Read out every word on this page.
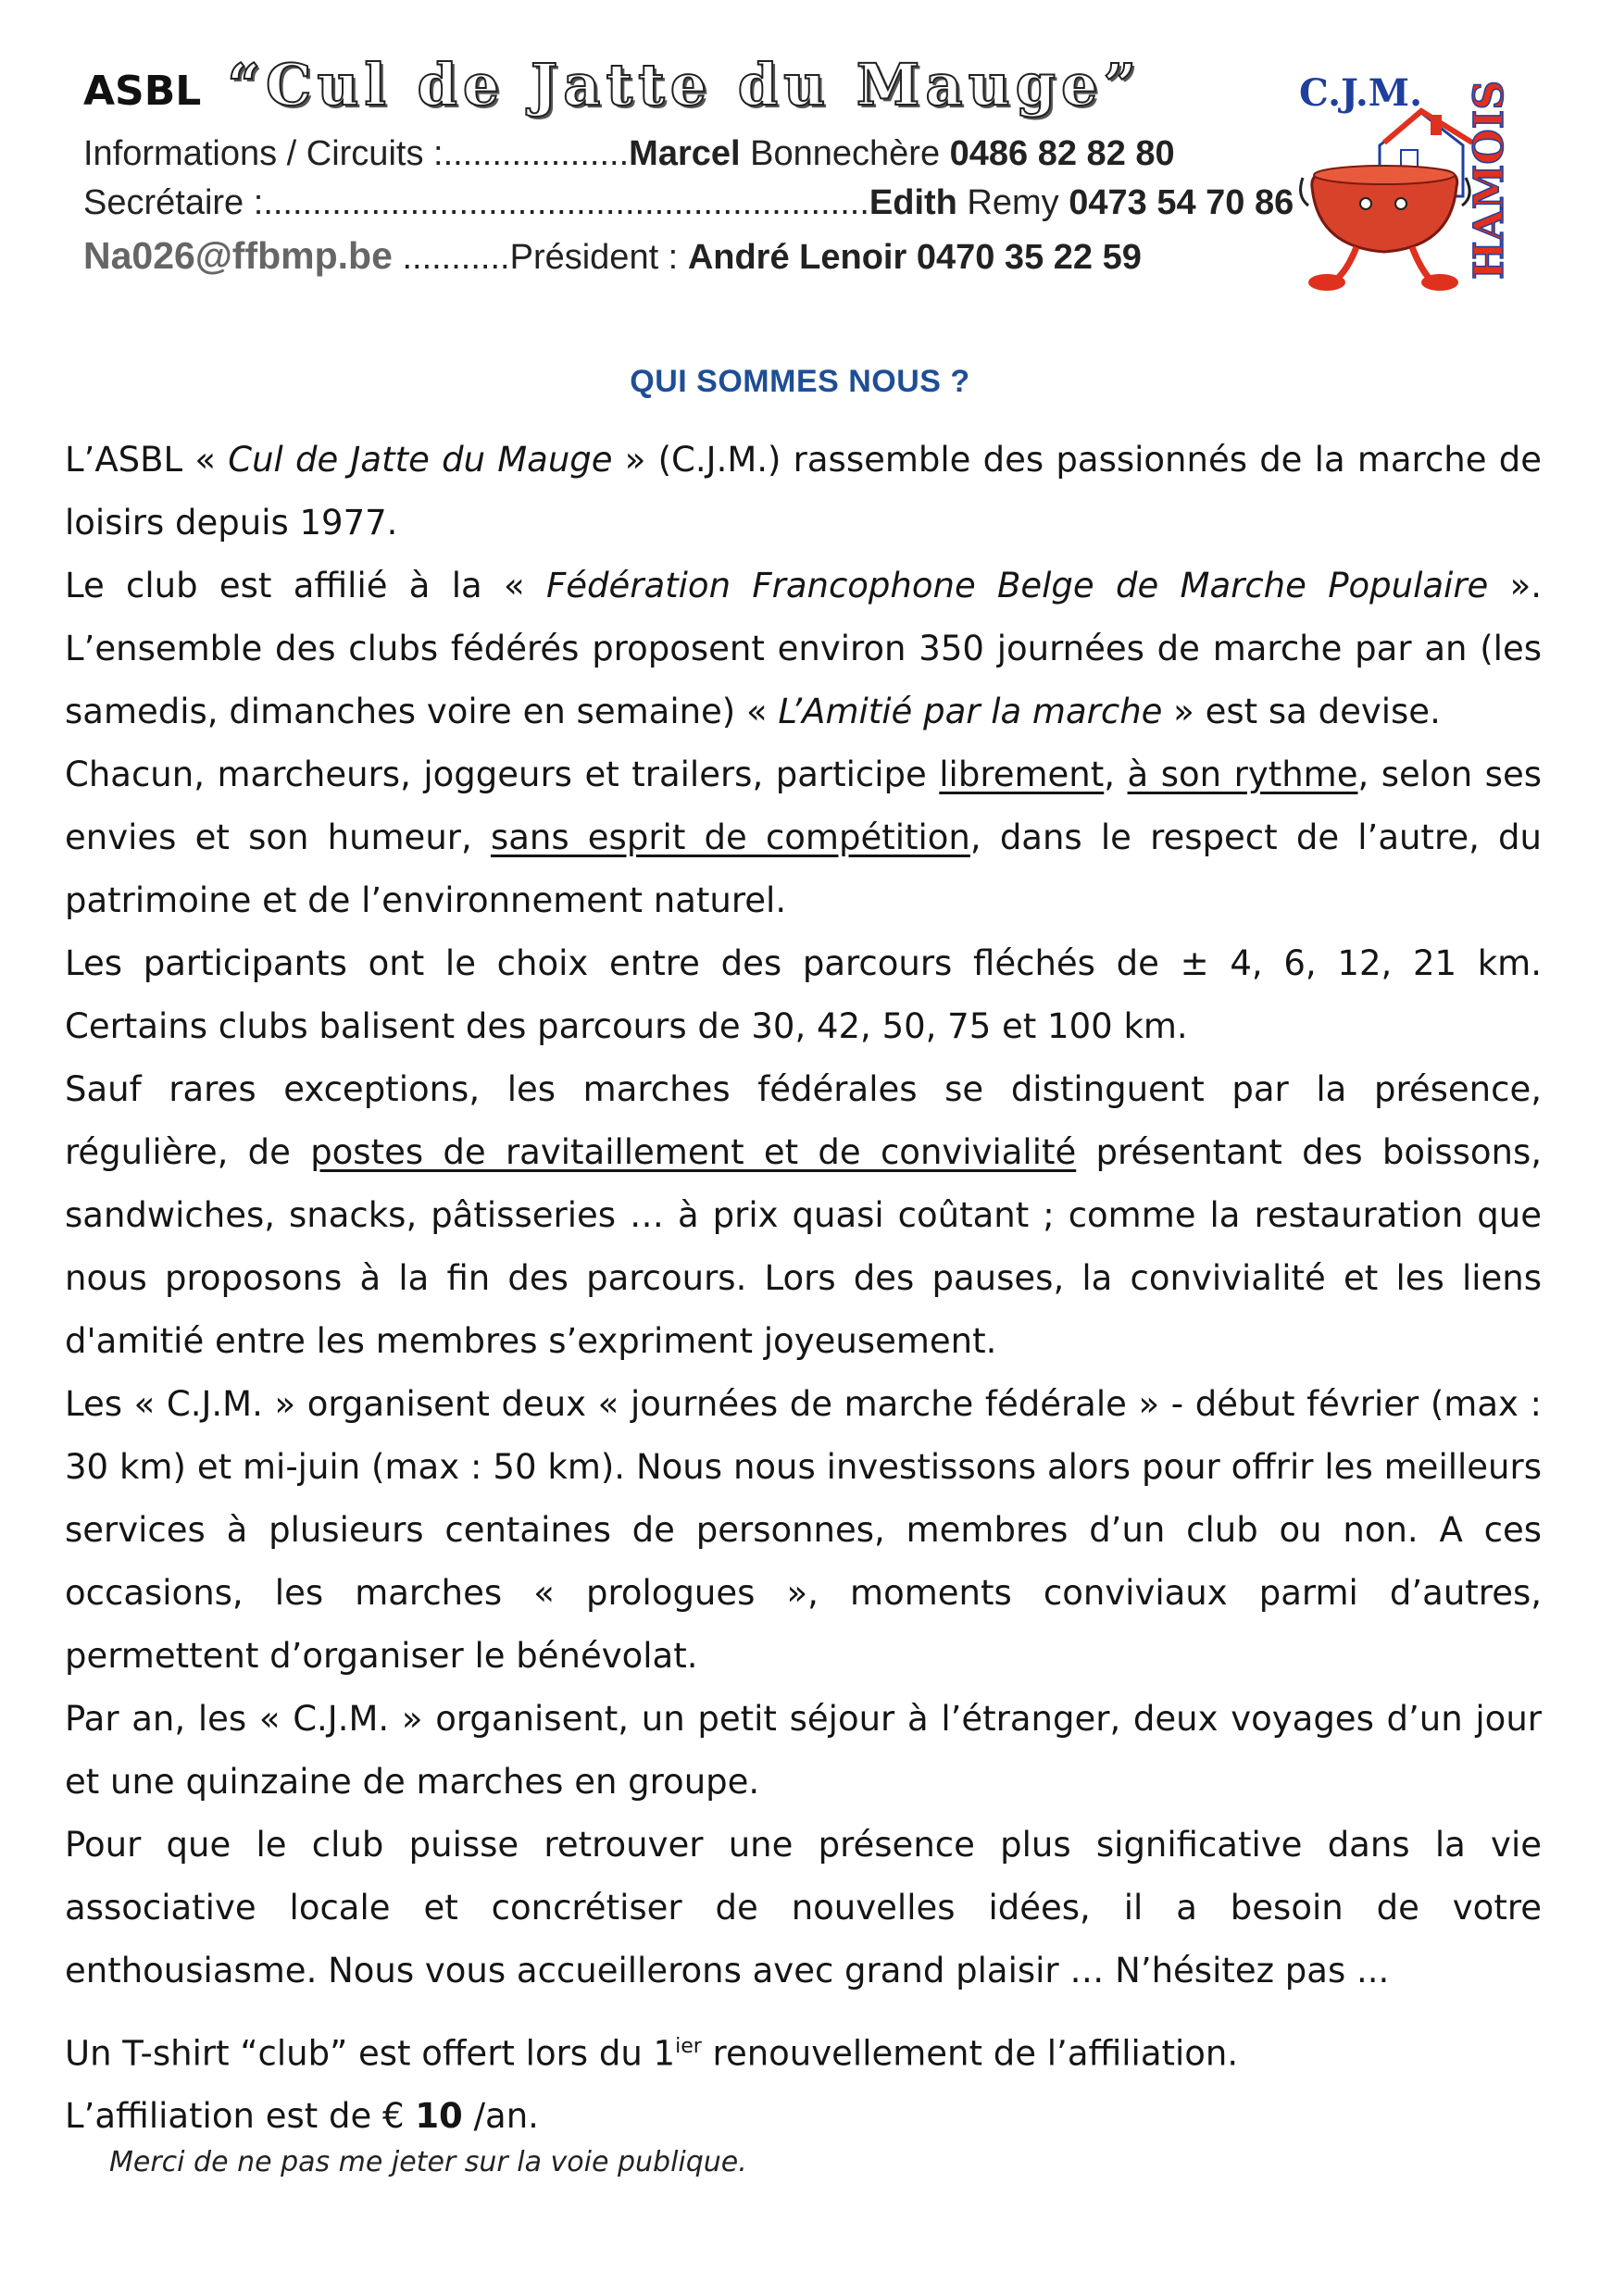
ASBL “Cul de Jatte du Mauge”
Informations / Circuits :...................Marcel Bonnechère 0486 82 82 80
Secrétaire :..............................................................Edith Remy 0473 54 70 86
Na026@ffbmp.be ...........Président : André Lenoir 0470 35 22 59
C.J.M. HAMOIS
QUI SOMMES NOUS ?

L’ASBL « Cul de Jatte du Mauge » (C.J.M.) rassemble des passionnés de la marche de loisirs depuis 1977.

Le club est affilié à la « Fédération Francophone Belge de Marche Populaire ». L’ensemble des clubs fédérés proposent environ 350 journées de marche par an (les samedis, dimanches voire en semaine) « L’Amitié par la marche » est sa devise.

Chacun, marcheurs, joggeurs et trailers, participe librement, à son rythme, selon ses envies et son humeur, sans esprit de compétition, dans le respect de l’autre, du patrimoine et de l’environnement naturel.

Les participants ont le choix entre des parcours fléchés de ± 4, 6, 12, 21 km. Certains clubs balisent des parcours de 30, 42, 50, 75 et 100 km.

Sauf rares exceptions, les marches fédérales se distinguent par la présence, régulière, de postes de ravitaillement et de convivialité présentant des boissons, sandwiches, snacks, pâtisseries … à prix quasi coûtant ; comme la restauration que nous proposons à la fin des parcours. Lors des pauses, la convivialité et les liens d'amitié entre les membres s’expriment joyeusement.

Les « C.J.M. » organisent deux « journées de marche fédérale » - début février (max : 30 km) et mi-juin (max : 50 km). Nous nous investissons alors pour offrir les meilleurs services à plusieurs centaines de personnes, membres d’un club ou non. A ces occasions, les marches « prologues », moments conviviaux parmi d’autres, permettent d’organiser le bénévolat.

Par an, les « C.J.M. » organisent, un petit séjour à l’étranger, deux voyages d’un jour et une quinzaine de marches en groupe.

Pour que le club puisse retrouver une présence plus significative dans la vie associative locale et concrétiser de nouvelles idées, il a besoin de votre enthousiasme. Nous vous accueillerons avec grand plaisir … N’hésitez pas ...

Un T-shirt “club” est offert lors du $1^{ier}$ renouvellement de l’affiliation.

L’affiliation est de € 10 /an.

Merci de ne pas me jeter sur la voie publique.
